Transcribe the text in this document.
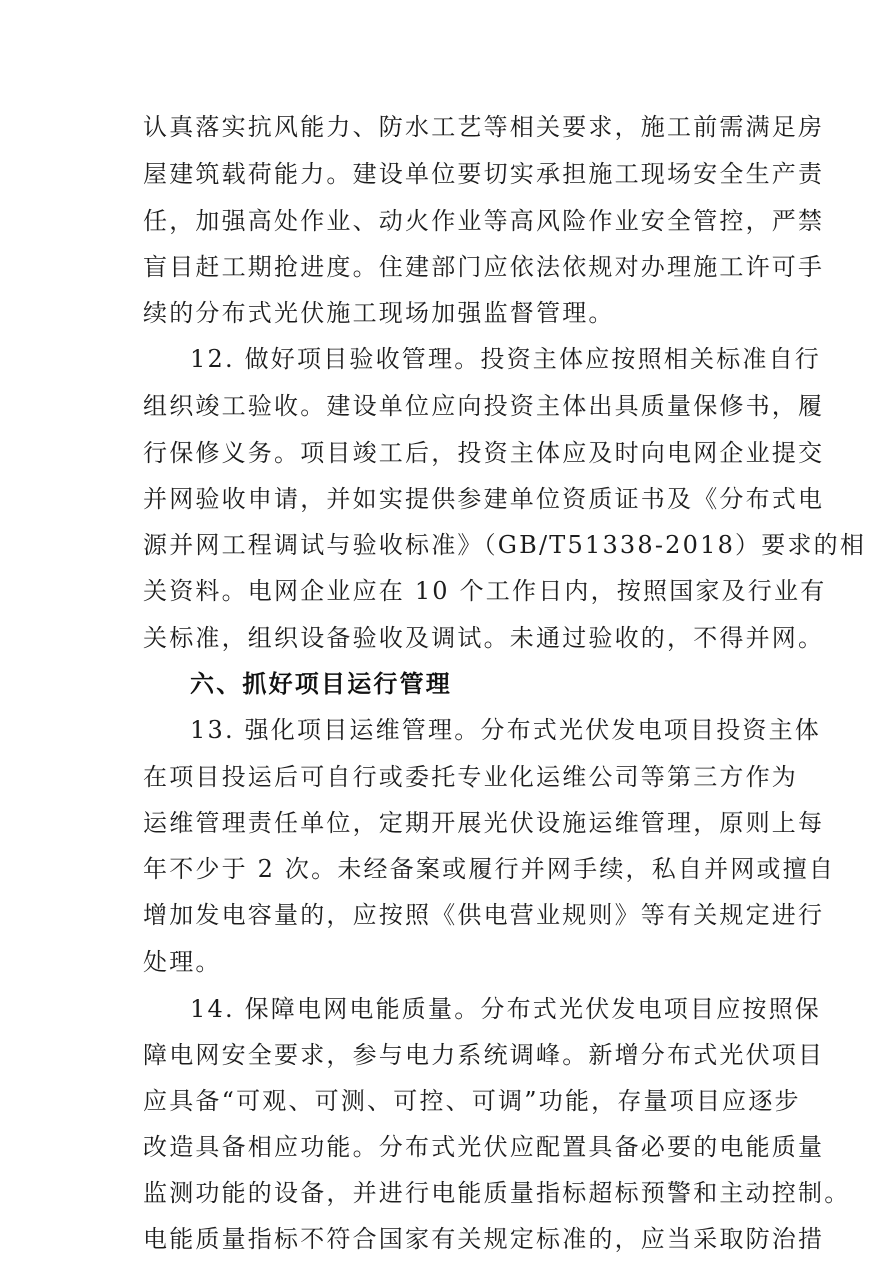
认真落实抗风能力、防水工艺等相关要求，施工前需满足房
屋建筑载荷能力。建设单位要切实承担施工现场安全生产责
任，加强高处作业、动火作业等高风险作业安全管控，严禁
盲目赶工期抢进度。住建部门应依法依规对办理施工许可手
续的分布式光伏施工现场加强监督管理。
12. 做好项目验收管理。投资主体应按照相关标准自行
组织竣工验收。建设单位应向投资主体出具质量保修书，履
行保修义务。项目竣工后，投资主体应及时向电网企业提交
并网验收申请，并如实提供参建单位资质证书及《分布式电
源并网工程调试与验收标准》（GB/T51338-2018）要求的相
关资料。电网企业应在 10 个工作日内，按照国家及行业有
关标准，组织设备验收及调试。未通过验收的，不得并网。
六、抓好项目运行管理
13. 强化项目运维管理。分布式光伏发电项目投资主体
在项目投运后可自行或委托专业化运维公司等第三方作为
运维管理责任单位，定期开展光伏设施运维管理，原则上每
年不少于 2 次。未经备案或履行并网手续，私自并网或擅自
增加发电容量的，应按照《供电营业规则》等有关规定进行
处理。
14. 保障电网电能质量。分布式光伏发电项目应按照保
障电网安全要求，参与电力系统调峰。新增分布式光伏项目
应具备“可观、可测、可控、可调”功能，存量项目应逐步
改造具备相应功能。分布式光伏应配置具备必要的电能质量
监测功能的设备，并进行电能质量指标超标预警和主动控制。
电能质量指标不符合国家有关规定标准的，应当采取防治措
